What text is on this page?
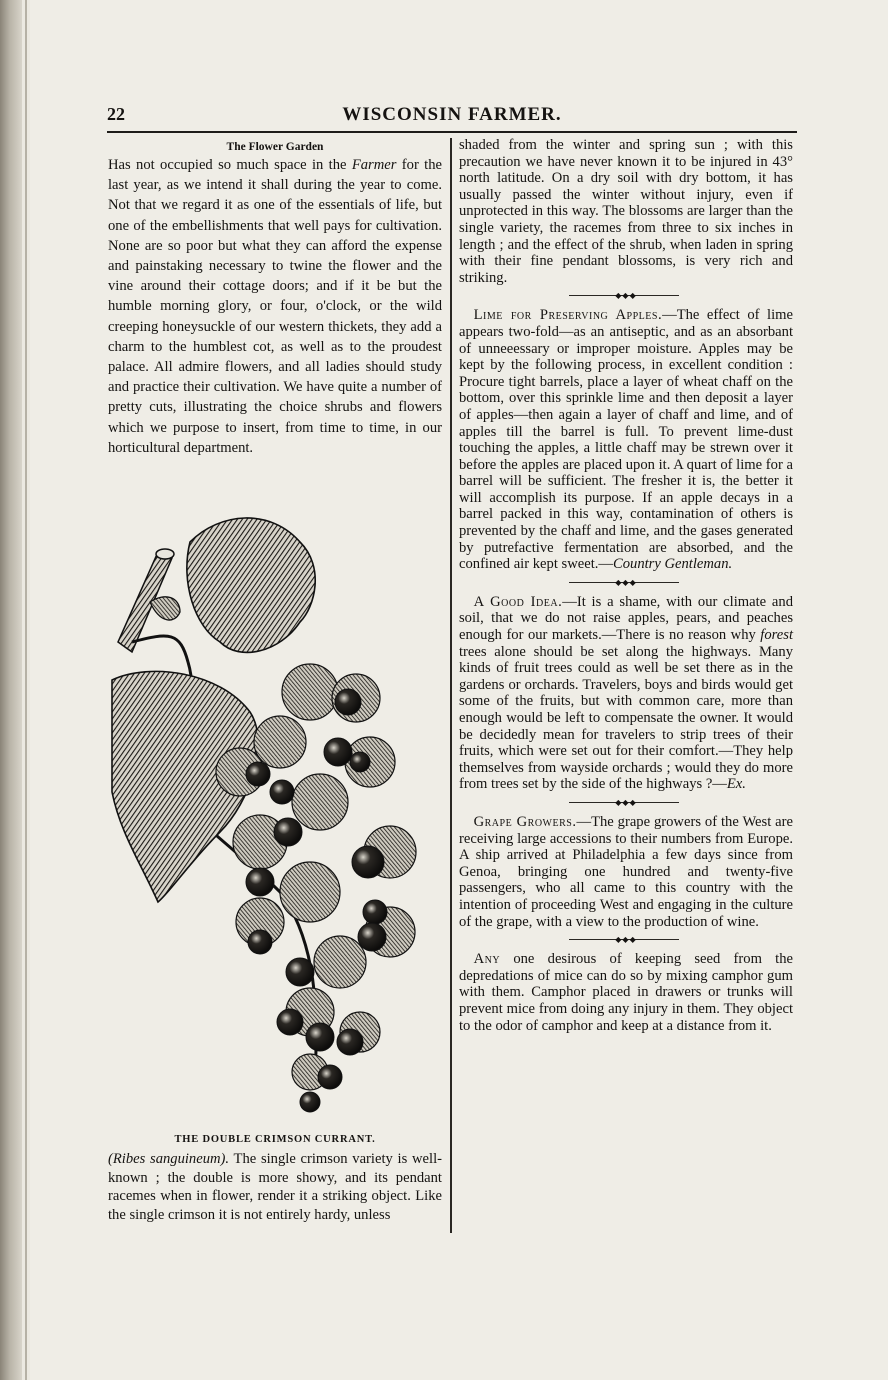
22	WISCONSIN FARMER.

The Flower Garden

Has not occupied so much space in the Farmer for the last year, as we intend it shall during the year to come. Not that we regard it as one of the essentials of life, but one of the embellishments that well pays for cultivation. None are so poor but what they can afford the expense and painstaking necessary to twine the flower and the vine around their cottage doors; and if it be but the humble morning glory, or four, o'clock, or the wild creeping honeysuckle of our western thickets, they add a charm to the humblest cot, as well as to the proudest palace. All admire flowers, and all ladies should study and practice their cultivation. We have quite a number of pretty cuts, illustrating the choice shrubs and flowers which we purpose to insert, from time to time, in our horticultural department.

THE DOUBLE CRIMSON CURRANT.

(Ribes sanguineum). The single crimson variety is well-known ; the double is more showy, and its pendant racemes when in flower, render it a striking object. Like the single crimson it is not entirely hardy, unless

shaded from the winter and spring sun ; with this precaution we have never known it to be injured in 43° north latitude. On a dry soil with dry bottom, it has usually passed the winter without injury, even if unprotected in this way. The blossoms are larger than the single variety, the racemes from three to six inches in length ; and the effect of the shrub, when laden in spring with their fine pendant blossoms, is very rich and striking.

◆◆◆

 Lime for Preserving Apples.—The effect of lime appears two-fold—as an antiseptic, and as an absorbant of unneeessary or improper moisture. Apples may be kept by the following process, in excellent condition : Procure tight barrels, place a layer of wheat chaff on the bottom, over this sprinkle lime and then deposit a layer of apples—then again a layer of chaff and lime, and of apples till the barrel is full. To prevent lime-dust touching the apples, a little chaff may be strewn over it before the apples are placed upon it. A quart of lime for a barrel will be sufficient. The fresher it is, the better it will accomplish its purpose. If an apple decays in a barrel packed in this way, contamination of others is prevented by the chaff and lime, and the gases generated by putrefactive fermentation are absorbed, and the confined air kept sweet.—Country Gentleman.

◆◆◆

 A Good Idea.—It is a shame, with our climate and soil, that we do not raise apples, pears, and peaches enough for our markets.—There is no reason why forest trees alone should be set along the highways. Many kinds of fruit trees could as well be set there as in the gardens or orchards. Travelers, boys and birds would get some of the fruits, but with common care, more than enough would be left to compensate the owner. It would be decidedly mean for travelers to strip trees of their fruits, which were set out for their comfort.—They help themselves from wayside orchards ; would they do more from trees set by the side of the highways ?—Ex.

◆◆◆

 Grape Growers.—The grape growers of the West are receiving large accessions to their numbers from Europe. A ship arrived at Philadelphia a few days since from Genoa, bringing one hundred and twenty-five passengers, who all came to this country with the intention of proceeding West and engaging in the culture of the grape, with a view to the production of wine.

◆◆◆

 Any one desirous of keeping seed from the depredations of mice can do so by mixing camphor gum with them. Camphor placed in drawers or trunks will prevent mice from doing any injury in them. They object to the odor of camphor and keep at a distance from it.
